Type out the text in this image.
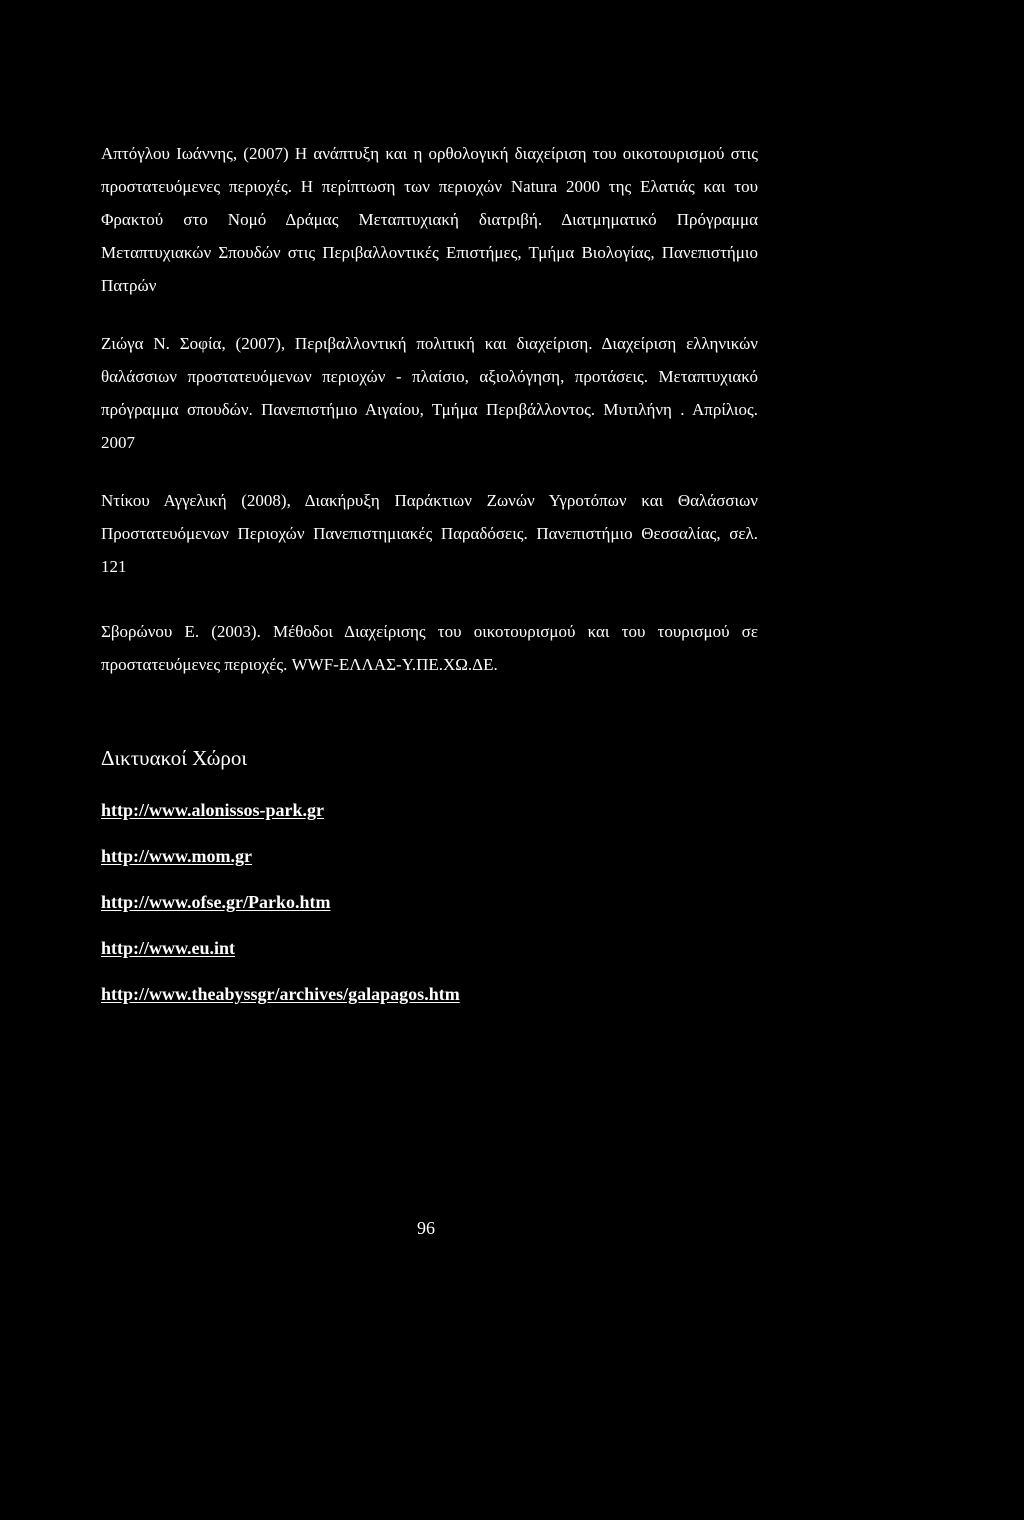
Απτόγλου Ιωάννης, (2007) Η ανάπτυξη και η ορθολογική διαχείριση του οικοτουρισμού στις προστατευόμενες περιοχές. Η περίπτωση των περιοχών Natura 2000 της Ελατιάς και του Φρακτού στο Νομό Δράμας Μεταπτυχιακή διατριβή. Διατμηματικό Πρόγραμμα Μεταπτυχιακών Σπουδών στις Περιβαλλοντικές Επιστήμες, Τμήμα Βιολογίας, Πανεπιστήμιο Πατρών

Ζιώγα Ν. Σοφία, (2007), Περιβαλλοντική πολιτική και διαχείριση. Διαχείριση ελληνικών θαλάσσιων προστατευόμενων περιοχών - πλαίσιο, αξιολόγηση, προτάσεις. Μεταπτυχιακό πρόγραμμα σπουδών. Πανεπιστήμιο Αιγαίου, Τμήμα Περιβάλλοντος. Μυτιλήνη . Απρίλιος. 2007

Ντίκου Αγγελική (2008), Διακήρυξη Παράκτιων Ζωνών Υγροτόπων και Θαλάσσιων Προστατευόμενων Περιοχών Πανεπιστημιακές Παραδόσεις. Πανεπιστήμιο Θεσσαλίας, σελ. 121

Σβορώνου Ε. (2003). Μέθοδοι Διαχείρισης του οικοτουρισμού και του τουρισμού σε προστατευόμενες περιοχές. WWF-ΕΛΛΑΣ-Υ.ΠΕ.ΧΩ.ΔΕ.

Δικτυακοί Χώροι
http://www.alonissos-park.gr
http://www.mom.gr
http://www.ofse.gr/Parko.htm
http://www.eu.int
http://www.theabyssgr/archives/galapagos.htm

96
